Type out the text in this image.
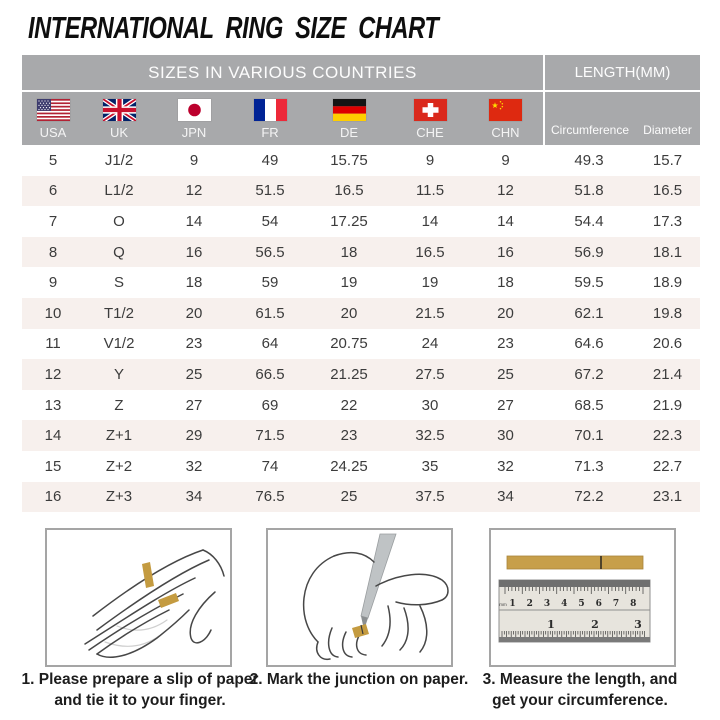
INTERNATIONAL RING SIZE CHART
SIZES IN VARIOUS COUNTRIES	LENGTH(MM)
USA	UK	JPN	FR	DE	CHE	CHN	Circumference	Diameter
5	J1/2	9	49	15.75	9	9	49.3	15.7
6	L1/2	12	51.5	16.5	11.5	12	51.8	16.5
7	O	14	54	17.25	14	14	54.4	17.3
8	Q	16	56.5	18	16.5	16	56.9	18.1
9	S	18	59	19	19	18	59.5	18.9
10	T1/2	20	61.5	20	21.5	20	62.1	19.8
11	V1/2	23	64	20.75	24	23	64.6	20.6
12	Y	25	66.5	21.25	27.5	25	67.2	21.4
13	Z	27	69	22	30	27	68.5	21.9
14	Z+1	29	71.5	23	32.5	30	70.1	22.3
15	Z+2	32	74	24.25	35	32	71.3	22.7
16	Z+3	34	76.5	25	37.5	34	72.2	23.1
1 2 3 4 5 6 7 8
1	2	3
mm
1. Please prepare a slip of paper
and tie it to your finger.
2. Mark the junction on paper. 3. Measure the length, and
get your circumference.
